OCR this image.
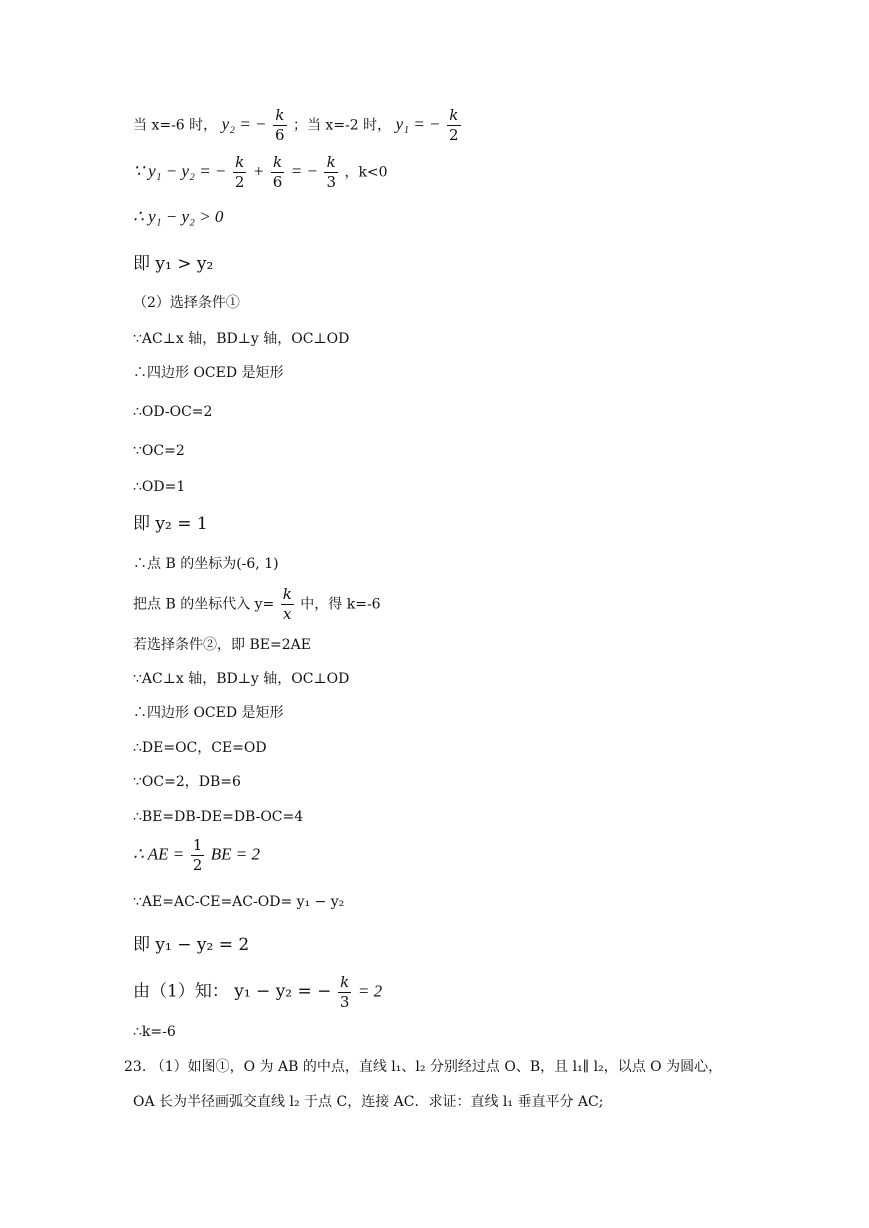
当 x=-6 时， y₂ = − $\frac{k}{6}$ ；当 x=-2 时， y₁ = − $\frac{k}{2}$
∵ y₁ − y₂ = − $\frac{k}{2} + \frac{k}{6}$ = − $\frac{k}{3}$ ，k<0
∴ y₁ − y₂ > 0
即 y₁ > y₂
（2）选择条件①
∵AC⊥x 轴，BD⊥y 轴，OC⊥OD
∴四边形 OCED 是矩形
∴OD-OC=2
∵OC=2
∴OD=1
即 y₂ = 1
∴点 B 的坐标为(-6, 1)
把点 B 的坐标代入 $y= \frac{k}{x}$ 中，得 k=-6
若选择条件②，即 BE=2AE
∵AC⊥x 轴，BD⊥y 轴，OC⊥OD
∴四边形 OCED 是矩形
∴DE=OC，CE=OD
∵OC=2，DB=6
∴BE=DB-DE=DB-OC=4
∴ AE = $\frac{1}{2}$ BE = 2
∵AE=AC-CE=AC-OD= y₁ − y₂
即 y₁ − y₂ = 2
由（1）知： y₁ − y₂ = − $\frac{k}{3} = 2$
∴k=-6
23. （1）如图①，O 为 AB 的中点，直线 l₁、l₂ 分别经过点 O、B，且 l₁∥ l₂，以点 O 为圆心，
OA 长为半径画弧交直线 l₂ 于点 C，连接 AC．求证：直线 l₁ 垂直平分 AC;
